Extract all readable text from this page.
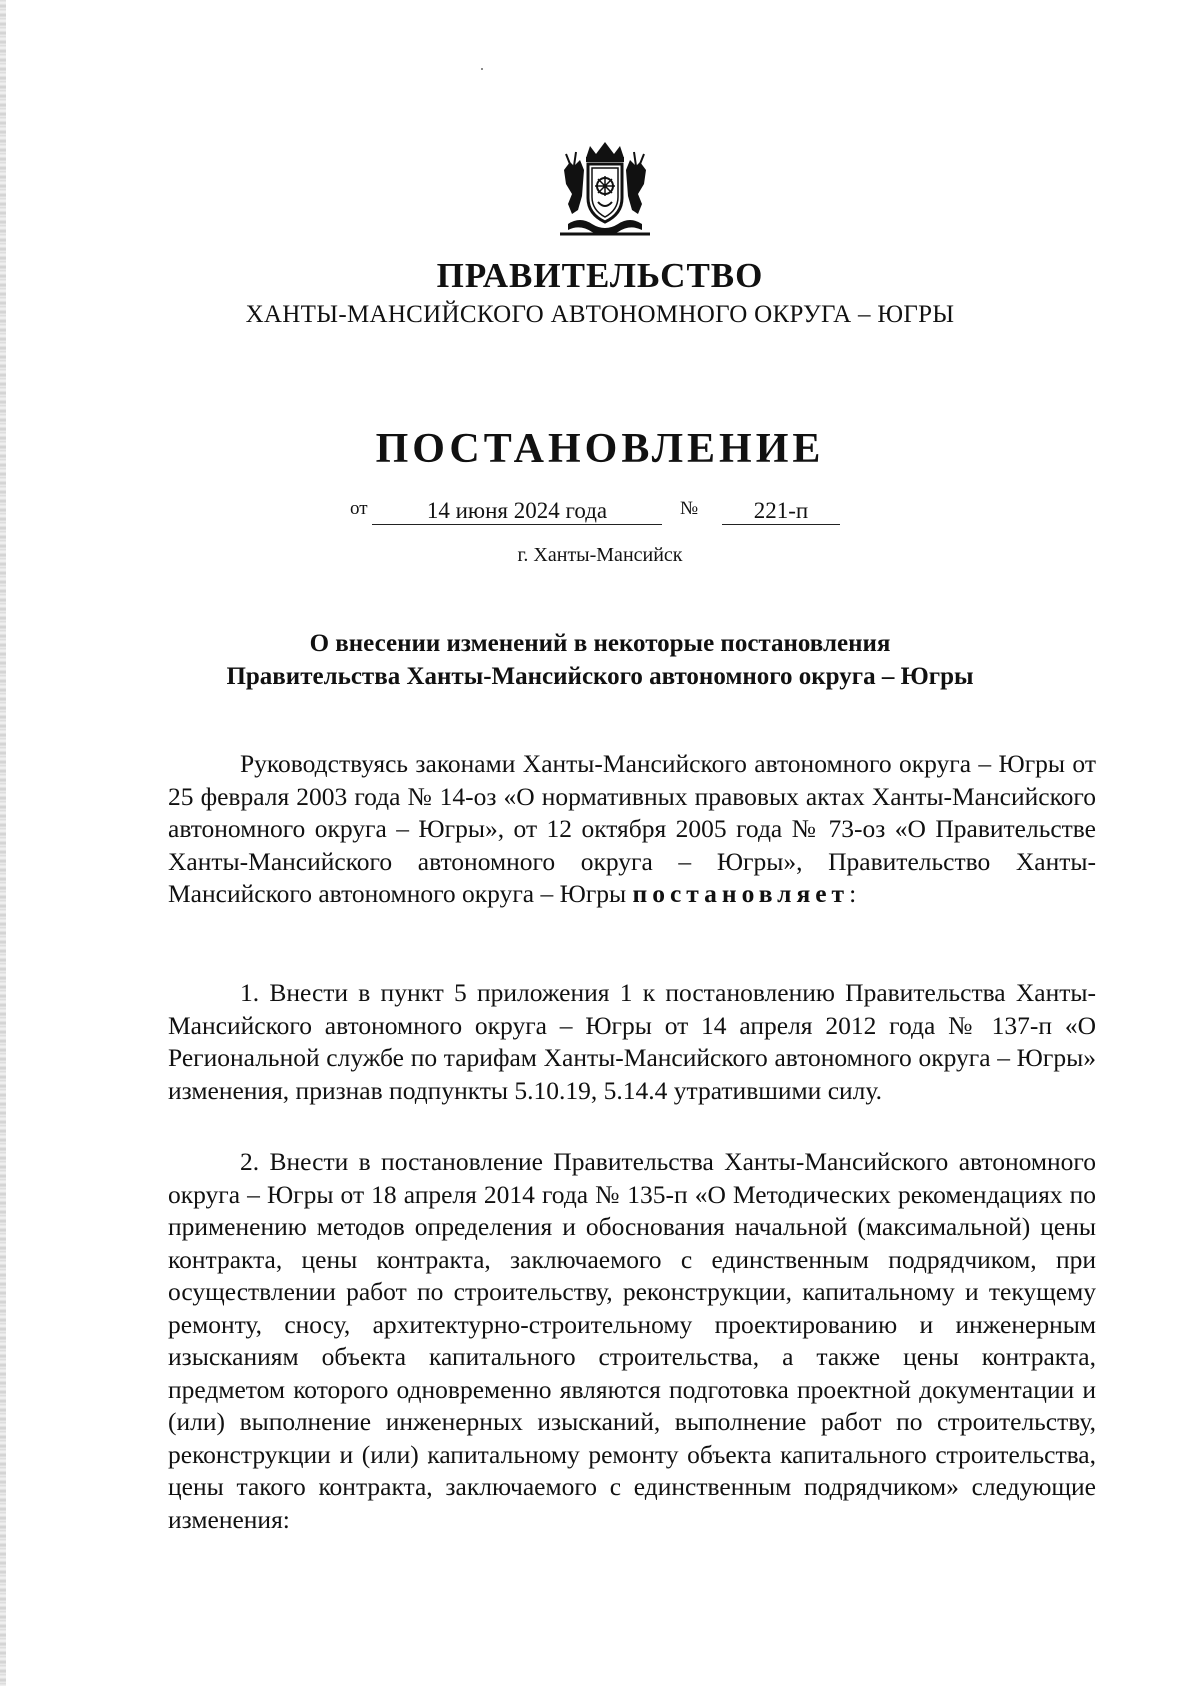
ПРАВИТЕЛЬСТВО
ХАНТЫ-МАНСИЙСКОГО АВТОНОМНОГО ОКРУГА – ЮГРЫ
ПОСТАНОВЛЕНИЕ
от	14 июня 2024 года	№	221-п
г. Ханты-Мансийск
О внесении изменений в некоторые постановления
Правительства Ханты-Мансийского автономного округа – Югры
Руководствуясь законами Ханты-Мансийского автономного округа – Югры от 25 февраля 2003 года № 14-оз «О нормативных правовых актах Ханты-Мансийского автономного округа – Югры», от 12 октября 2005 года № 73-оз «О Правительстве Ханты-Мансийского автономного округа – Югры», Правительство Ханты-Мансийского автономного округа – Югры постановляет:
1. Внести в пункт 5 приложения 1 к постановлению Правительства Ханты-Мансийского автономного округа – Югры от 14 апреля 2012 года № 137-п «О Региональной службе по тарифам Ханты-Мансийского автономного округа – Югры» изменения, признав подпункты 5.10.19, 5.14.4 утратившими силу.
2. Внести в постановление Правительства Ханты-Мансийского автономного округа – Югры от 18 апреля 2014 года № 135-п «О Методических рекомендациях по применению методов определения и обоснования начальной (максимальной) цены контракта, цены контракта, заключаемого с единственным подрядчиком, при осуществлении работ по строительству, реконструкции, капитальному и текущему ремонту, сносу, архитектурно-строительному проектированию и инженерным изысканиям объекта капитального строительства, а также цены контракта, предметом которого одновременно являются подготовка проектной документации и (или) выполнение инженерных изысканий, выполнение работ по строительству, реконструкции и (или) капитальному ремонту объекта капитального строительства, цены такого контракта, заключаемого с единственным подрядчиком» следующие изменения:
